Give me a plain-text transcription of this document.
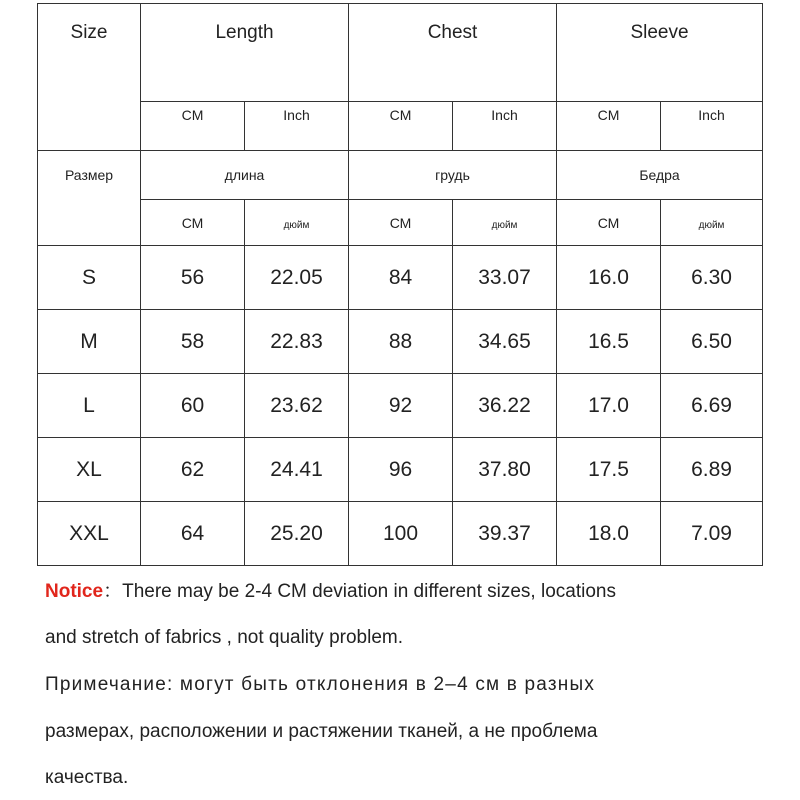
Size	Length		Chest		Sleeve	

	CM	Inch	CM	Inch	CM	Inch

Размер	длина		грудь		Бедра	
	СМ	дюйм	СМ	дюйм	СМ	дюйм
S	56	22.05	84	33.07	16.0	6.30
M	58	22.83	88	34.65	16.5	6.50
L	60	23.62	92	36.22	17.0	6.69
XL	62	24.41	96	37.80	17.5	6.89
XXL	64	25.20	100	39.37	18.0	7.09
Notice：There may be 2-4 CM deviation in different sizes, locations
and stretch of fabrics , not quality problem.
Примечание: могут быть отклонения в 2–4 см в разных
размерах, расположении и растяжении тканей, а не проблема
качества.
